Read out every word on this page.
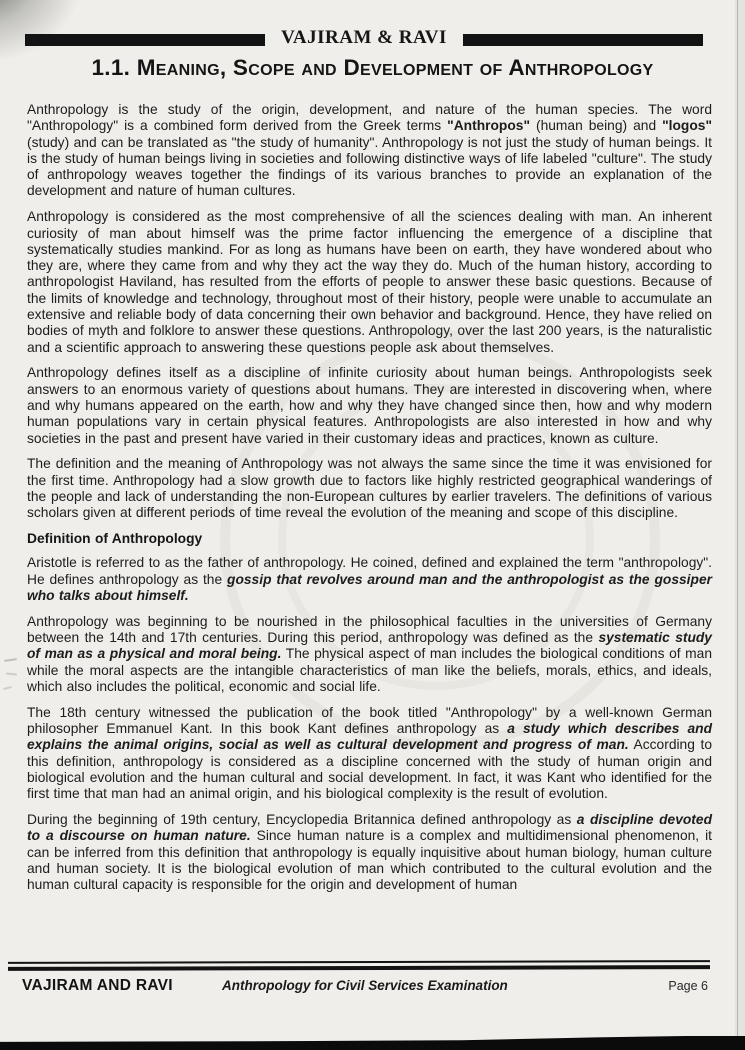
VAJIRAM & RAVI
1.1. Meaning, Scope and Development of Anthropology

Anthropology is the study of the origin, development, and nature of the human species. The word "Anthropology" is a combined form derived from the Greek terms "Anthropos" (human being) and "logos" (study) and can be translated as "the study of humanity". Anthropology is not just the study of human beings. It is the study of human beings living in societies and following distinctive ways of life labeled "culture". The study of anthropology weaves together the findings of its various branches to provide an explanation of the development and nature of human cultures.

Anthropology is considered as the most comprehensive of all the sciences dealing with man. An inherent curiosity of man about himself was the prime factor influencing the emergence of a discipline that systematically studies mankind. For as long as humans have been on earth, they have wondered about who they are, where they came from and why they act the way they do. Much of the human history, according to anthropologist Haviland, has resulted from the efforts of people to answer these basic questions. Because of the limits of knowledge and technology, throughout most of their history, people were unable to accumulate an extensive and reliable body of data concerning their own behavior and background. Hence, they have relied on bodies of myth and folklore to answer these questions. Anthropology, over the last 200 years, is the naturalistic and a scientific approach to answering these questions people ask about themselves.

Anthropology defines itself as a discipline of infinite curiosity about human beings. Anthropologists seek answers to an enormous variety of questions about humans. They are interested in discovering when, where and why humans appeared on the earth, how and why they have changed since then, how and why modern human populations vary in certain physical features. Anthropologists are also interested in how and why societies in the past and present have varied in their customary ideas and practices, known as culture.

The definition and the meaning of Anthropology was not always the same since the time it was envisioned for the first time. Anthropology had a slow growth due to factors like highly restricted geographical wanderings of the people and lack of understanding the non-European cultures by earlier travelers. The definitions of various scholars given at different periods of time reveal the evolution of the meaning and scope of this discipline.

Definition of Anthropology

Aristotle is referred to as the father of anthropology. He coined, defined and explained the term "anthropology". He defines anthropology as the gossip that revolves around man and the anthropologist as the gossiper who talks about himself.

Anthropology was beginning to be nourished in the philosophical faculties in the universities of Germany between the 14th and 17th centuries. During this period, anthropology was defined as the systematic study of man as a physical and moral being. The physical aspect of man includes the biological conditions of man while the moral aspects are the intangible characteristics of man like the beliefs, morals, ethics, and ideals, which also includes the political, economic and social life.

The 18th century witnessed the publication of the book titled "Anthropology" by a well-known German philosopher Emmanuel Kant. In this book Kant defines anthropology as a study which describes and explains the animal origins, social as well as cultural development and progress of man. According to this definition, anthropology is considered as a discipline concerned with the study of human origin and biological evolution and the human cultural and social development. In fact, it was Kant who identified for the first time that man had an animal origin, and his biological complexity is the result of evolution.

During the beginning of 19th century, Encyclopedia Britannica defined anthropology as a discipline devoted to a discourse on human nature. Since human nature is a complex and multidimensional phenomenon, it can be inferred from this definition that anthropology is equally inquisitive about human biology, human culture and human society. It is the biological evolution of man which contributed to the cultural evolution and the human cultural capacity is responsible for the origin and development of human

VAJIRAM AND RAVI	Anthropology for Civil Services Examination	Page 6
